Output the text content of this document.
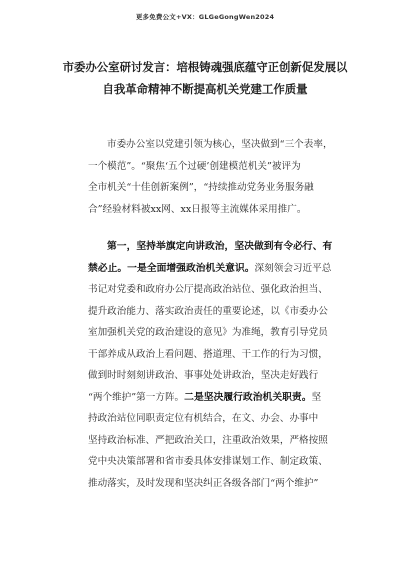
更多免费公文+VX：GLGeGongWen2024
市委办公室研讨发言：培根铸魂强底蕴守正创新促发展以
自我革命精神不断提高机关党建工作质量
市委办公室以党建引领为核心，坚决做到“三个表率，
一个模范”。“聚焦‘五个过硬’创建模范机关”被评为
全市机关“十佳创新案例”，“持续推动党务业务服务融
合”经验材料被xx网、xx日报等主流媒体采用推广。
第一，坚持举旗定向讲政治，坚决做到有令必行、有
禁必止。一是全面增强政治机关意识。深刻领会习近平总
书记对党委和政府办公厅提高政治站位、强化政治担当、
提升政治能力、落实政治责任的重要论述，以《市委办公
室加强机关党的政治建设的意见》为准绳，教育引导党员
干部养成从政治上看问题、搭道理、干工作的行为习惯，
做到时时刻刻讲政治、事事处处讲政治，坚决走好践行
“两个维护”第一方阵。二是坚决履行政治机关职责。坚
持政治站位同职责定位有机结合，在文、办会、办事中
坚持政治标准、严把政治关口，注重政治效果，严格按照
党中央决策部署和省市委具体安排谋划工作、制定政策、
推动落实，及时发现和坚决纠正各级各部门“两个维护”
